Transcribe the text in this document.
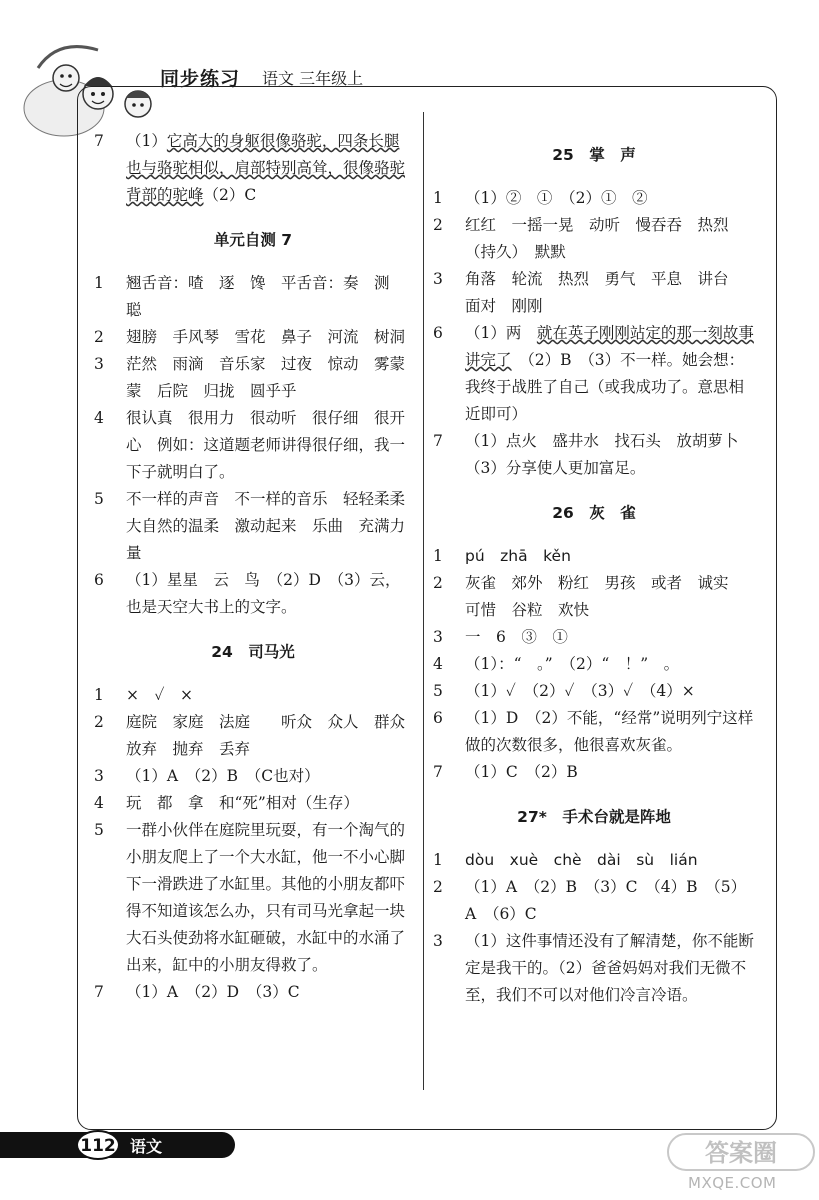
同步练习 语文 三年级上
7	（1）它高大的身躯很像骆驼，四条长腿也与骆驼相似，肩部特别高耸，很像骆驼背部的驼峰（2）C
单元自测 7
1	翘舌音：喳　逐　馋　平舌音：奏　测　聪
2	翅膀　手风琴　雪花　鼻子　河流　树洞
3	茫然　雨滴　音乐家　过夜　惊动　雾蒙蒙　后院　归拢　圆乎乎
4	很认真　很用力　很动听　很仔细　很开心　例如：这道题老师讲得很仔细，我一下子就明白了。
5	不一样的声音　不一样的音乐　轻轻柔柔　大自然的温柔　激动起来　乐曲　充满力量
6	（1）星星　云　鸟　（2）D　（3）云，也是天空大书上的文字。
24　司马光
1	×　✓　×
2	庭院　家庭　法庭　　听众　众人　群众　放弃　抛弃　丢弃
3	（1）A　（2）B　（C也对）
4	玩　都　拿　和“死”相对（生存）
5	一群小伙伴在庭院里玩耍，有一个淘气的小朋友爬上了一个大水缸，他一不小心脚下一滑跌进了水缸里。其他的小朋友都吓得不知道该怎么办，只有司马光拿起一块大石头使劲将水缸砸破，水缸中的水涌了出来，缸中的小朋友得救了。
7	（1）A　（2）D　（3）C
25　掌　声
1	（1）②　①　（2）①　②
2	红红　一摇一晃　动听　慢吞吞　热烈（持久）　默默
3	角落　轮流　热烈　勇气　平息　讲台　面对　刚刚
6	（1）两　就在英子刚刚站定的那一刻故事讲完了　（2）B　（3）不一样。她会想：我终于战胜了自己（或我成功了。意思相近即可）
7	（1）点火　盛井水　找石头　放胡萝卜　（3）分享使人更加富足。
26　灰　雀
1	pú　zhā　kěn
2	灰雀　郊外　粉红　男孩　或者　诚实　可惜　谷粒　欢快
3	一　6　③　①
4	（1）：“　。”　（2）“　！”　。
5	（1）✓　（2）✓　（3）✓　（4）×
6	（1）D　（2）不能，“经常”说明列宁这样做的次数很多，他很喜欢灰雀。
7	（1）C　（2）B
27*　手术台就是阵地
1	dòu　xuè　chè　dài　sù　lián
2	（1）A　（2）B　（3）C　（4）B　（5）A　（6）C
3	（1）这件事情还没有了解清楚，你不能断定是我干的。（2）爸爸妈妈对我们无微不至，我们不可以对他们冷言冷语。
112 语文	答案圈
MXQE.COM
